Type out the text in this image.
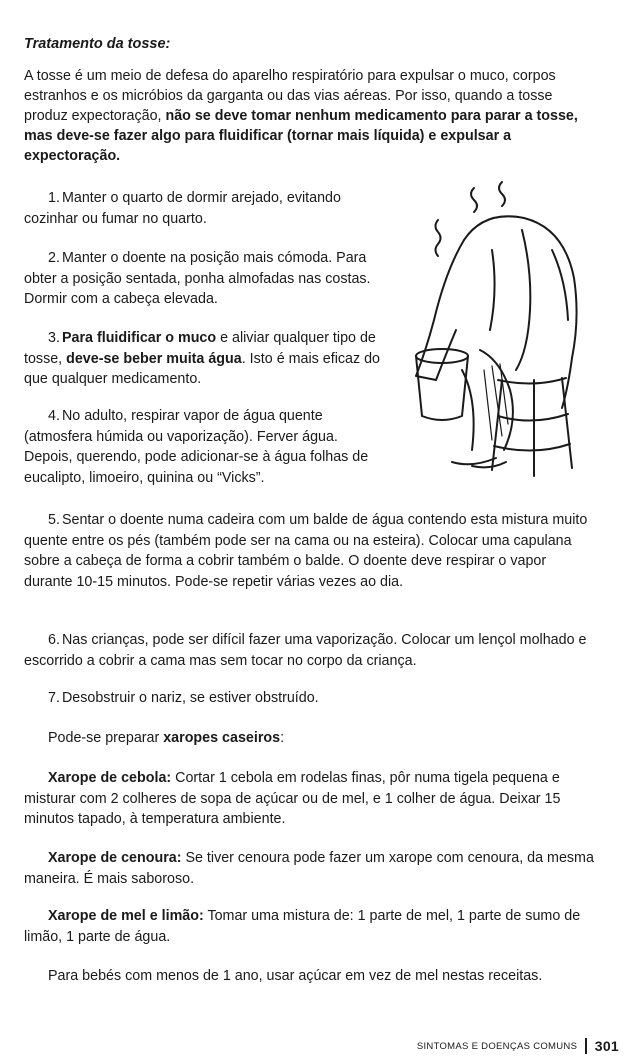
Tratamento da tosse:
A tosse é um meio de defesa do aparelho respiratório para expulsar o muco, corpos estranhos e os micróbios da garganta ou das vias aéreas. Por isso, quando a tosse produz expectoração, não se deve tomar nenhum medicamento para parar a tosse, mas deve-se fazer algo para fluidificar (tornar mais líquida) e expulsar a expectoração.
1. Manter o quarto de dormir arejado, evitando cozinhar ou fumar no quarto.
2. Manter o doente na posição mais cómoda. Para obter a posição sentada, ponha almofadas nas costas. Dormir com a cabeça elevada.
3. Para fluidificar o muco e aliviar qualquer tipo de tosse, deve-se beber muita água. Isto é mais eficaz do que qualquer medicamento.
4. No adulto, respirar vapor de água quente (atmosfera húmida ou vaporização). Ferver água. Depois, querendo, pode adicionar-se à água folhas de eucalipto, limoeiro, quinina ou “Vicks”.
5. Sentar o doente numa cadeira com um balde de água contendo esta mistura muito quente entre os pés (também pode ser na cama ou na esteira). Colocar uma capulana sobre a cabeça de forma a cobrir também o balde. O doente deve respirar o vapor durante 10-15 minutos. Pode-se repetir várias vezes ao dia.
6. Nas crianças, pode ser difícil fazer uma vaporização. Colocar um lençol molhado e escorrido a cobrir a cama mas sem tocar no corpo da criança.
7. Desobstruir o nariz, se estiver obstruído.
Pode-se preparar xaropes caseiros:
Xarope de cebola: Cortar 1 cebola em rodelas finas, pôr numa tigela pequena e misturar com 2 colheres de sopa de açúcar ou de mel, e 1 colher de água. Deixar 15 minutos tapado, à temperatura ambiente.
Xarope de cenoura: Se tiver cenoura pode fazer um xarope com cenoura, da mesma maneira. É mais saboroso.
Xarope de mel e limão: Tomar uma mistura de: 1 parte de mel, 1 parte de sumo de limão, 1 parte de água.
Para bebés com menos de 1 ano, usar açúcar em vez de mel nestas receitas.
SINTOMAS E DOENÇAS COMUNS 301
